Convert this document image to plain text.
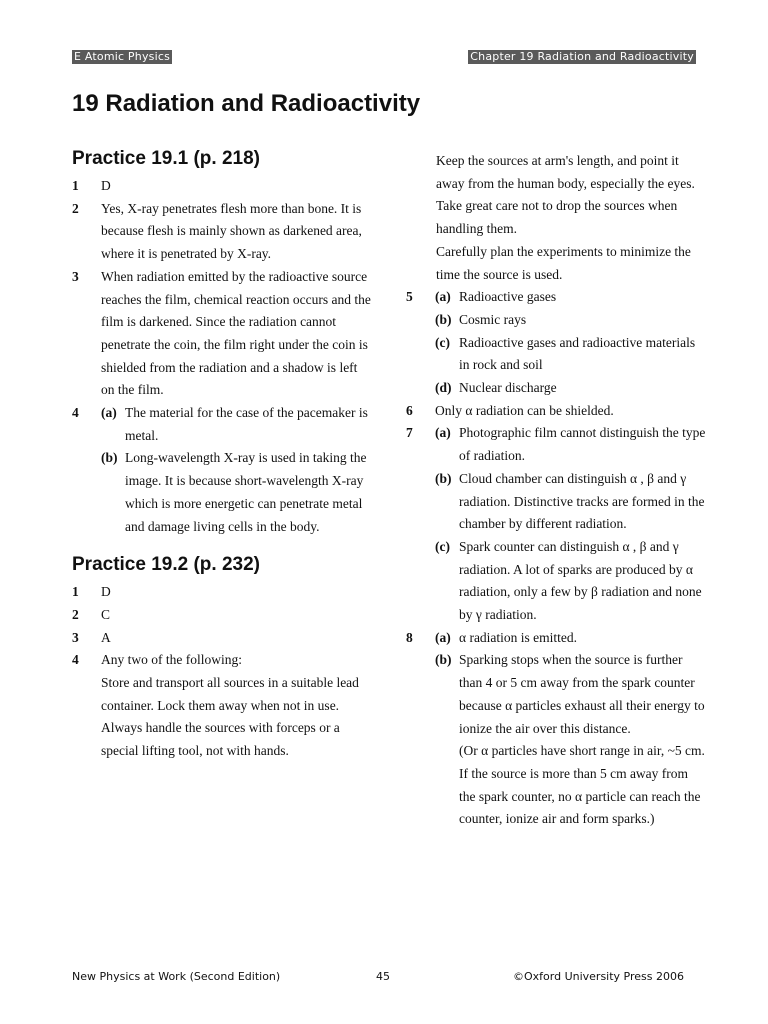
E Atomic Physics	Chapter 19 Radiation and Radioactivity
19 Radiation and Radioactivity
Practice 19.1 (p. 218)
1	D
2	Yes, X-ray penetrates flesh more than bone. It is because flesh is mainly shown as darkened area, where it is penetrated by X-ray.
3	When radiation emitted by the radioactive source reaches the film, chemical reaction occurs and the film is darkened. Since the radiation cannot penetrate the coin, the film right under the coin is shielded from the radiation and a shadow is left on the film.
4	(a) The material for the case of the pacemaker is metal.
(b) Long-wavelength X-ray is used in taking the image. It is because short-wavelength X-ray which is more energetic can penetrate metal and damage living cells in the body.
Practice 19.2 (p. 232)
1	D
2	C
3	A
4	Any two of the following:
Store and transport all sources in a suitable lead container. Lock them away when not in use.
Always handle the sources with forceps or a special lifting tool, not with hands.
Keep the sources at arm's length, and point it away from the human body, especially the eyes.
Take great care not to drop the sources when handling them.
Carefully plan the experiments to minimize the time the source is used.
5	(a) Radioactive gases
(b) Cosmic rays
(c) Radioactive gases and radioactive materials in rock and soil
(d) Nuclear discharge
6	Only α radiation can be shielded.
7	(a) Photographic film cannot distinguish the type of radiation.
(b) Cloud chamber can distinguish α , β and γ radiation. Distinctive tracks are formed in the chamber by different radiation.
(c) Spark counter can distinguish α , β and γ radiation. A lot of sparks are produced by α radiation, only a few by β radiation and none by γ radiation.
8	(a) α radiation is emitted.
(b) Sparking stops when the source is further than 4 or 5 cm away from the spark counter because α particles exhaust all their energy to ionize the air over this distance.
(Or α particles have short range in air, ~5 cm. If the source is more than 5 cm away from the spark counter, no α particle can reach the counter, ionize air and form sparks.)
New Physics at Work (Second Edition)	45	©Oxford University Press 2006
